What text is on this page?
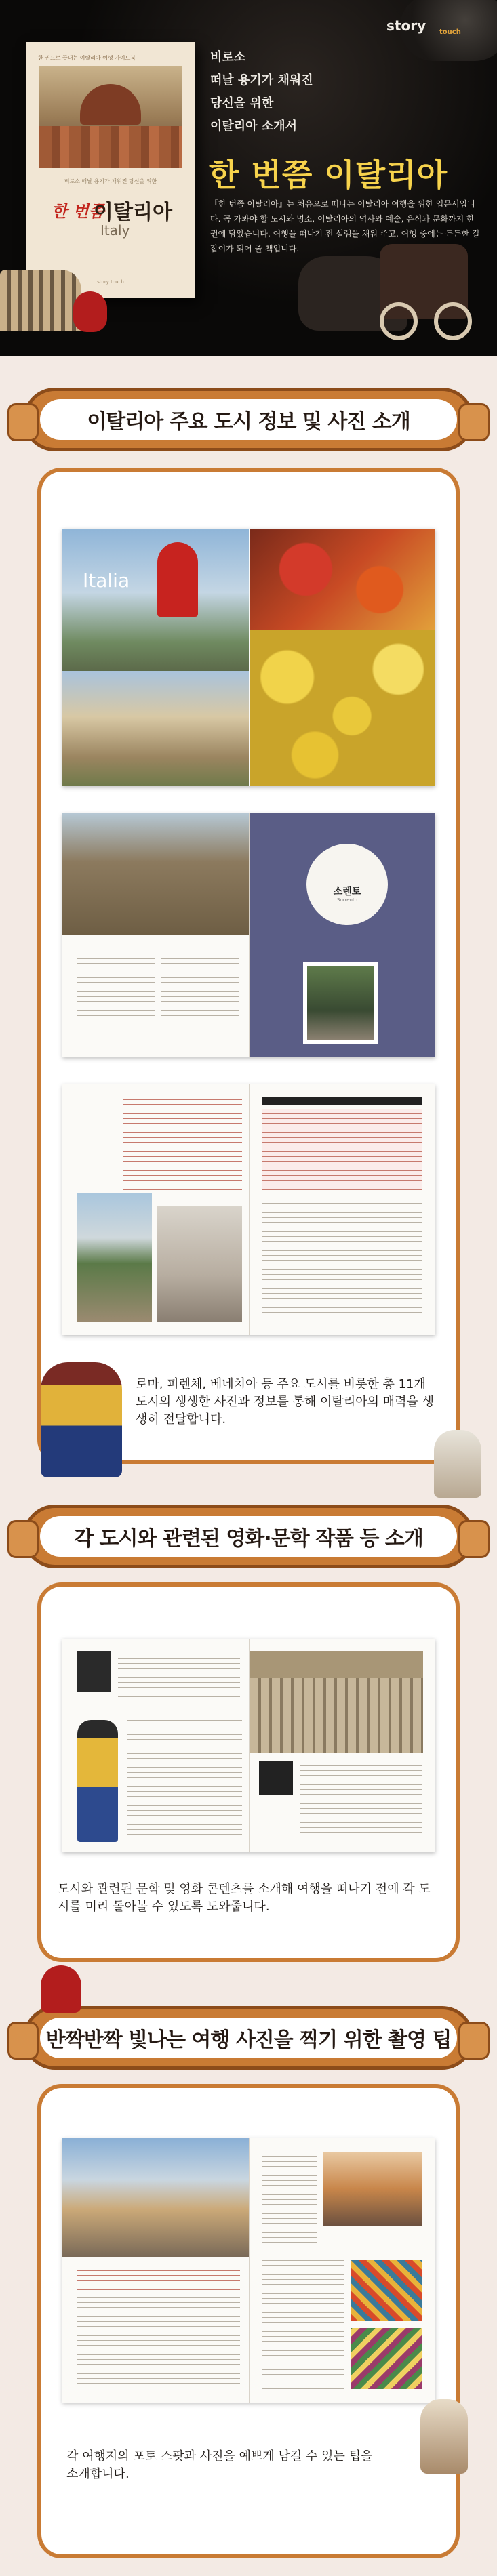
story touch
한 권으로 끝내는 이탈리아 여행 가이드북
비로소 떠날 용기가 채워진 당신을 위한
한 번쯤
이탈리아
Italy
story touch
비로소
떠날 용기가 채워진
당신을 위한
이탈리아 소개서
한 번쯤 이탈리아
『한 번쯤 이탈리아』는 처음으로 떠나는 이탈리아 여행을 위한 입문서입니다. 꼭 가봐야 할 도시와 명소, 이탈리아의 역사와 예술, 음식과 문화까지 한 권에 담았습니다. 여행을 떠나기 전 설렘을 채워 주고, 여행 중에는 든든한 길잡이가 되어 줄 책입니다.
이탈리아 주요 도시 정보 및 사진 소개
Italia
소렌토
Sorrento
로마, 피렌체, 베네치아 등 주요 도시를 비롯한 총 11개 도시의 생생한 사진과 정보를 통해 이탈리아의 매력을 생생히 전달합니다.
각 도시와 관련된 영화·문학 작품 등 소개
도시와 관련된 문학 및 영화 콘텐츠를 소개해 여행을 떠나기 전에 각 도시를 미리 돌아볼 수 있도록 도와줍니다.
반짝반짝 빛나는 여행 사진을 찍기 위한 촬영 팁
각 여행지의 포토 스팟과 사진을 예쁘게 남길 수 있는 팁을 소개합니다.
